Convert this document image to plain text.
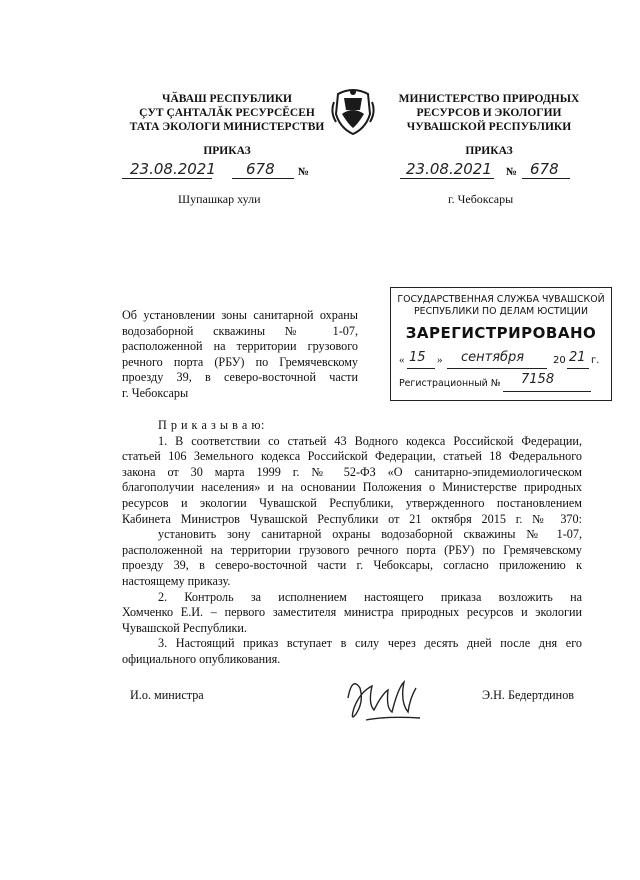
ЧӐВАШ РЕСПУБЛИКИ
ÇУТ ÇАНТАЛĂК РЕСУРСĔСЕН
ТАТА ЭКОЛОГИ МИНИСТЕРСТВИ
МИНИСТЕРСТВО ПРИРОДНЫХ
РЕСУРСОВ И ЭКОЛОГИИ
ЧУВАШСКОЙ РЕСПУБЛИКИ
ПРИКАЗ	ПРИКАЗ
23.08.2021 678 №	23.08.2021 № 678
Шупашкар хули	г. Чебоксары
Об установлении зоны санитарной охраны
водозаборной скважины № 1-07,
расположенной на территории грузового
речного порта (РБУ) по Гремячевскому
проезду 39, в северо-восточной части
г. Чебоксары
ГОСУДАРСТВЕННАЯ СЛУЖБА ЧУВАШСКОЙ
РЕСПУБЛИКИ ПО ДЕЛАМ ЮСТИЦИИ
ЗАРЕГИСТРИРОВАНО
« 15 » сентября	20 21 г.
Регистрационный № 7158
П р и к а з ы в а ю:
1. В соответствии со статьей 43 Водного кодекса Российской Федерации,
статьей 106 Земельного кодекса Российской Федерации, статьей 18 Федерального
закона от 30 марта 1999 г. № 52-ФЗ «О санитарно-эпидемиологическом
благополучии населения» и на основании Положения о Министерстве природных
ресурсов и экологии Чувашской Республики, утвержденного постановлением
Кабинета Министров Чувашской Республики от 21 октября 2015 г. № 370:
установить зону санитарной охраны водозаборной скважины № 1-07,
расположенной на территории грузового речного порта (РБУ) по Гремячевскому
проезду 39, в северо-восточной части г. Чебоксары, согласно приложению к
настоящему приказу.
2. Контроль за исполнением настоящего приказа возложить на
Хомченко Е.И. – первого заместителя министра природных ресурсов и экологии
Чувашской Республики.
3. Настоящий приказ вступает в силу через десять дней после дня его
официального опубликования.
И.о. министра	Э.Н. Бедертдинов
